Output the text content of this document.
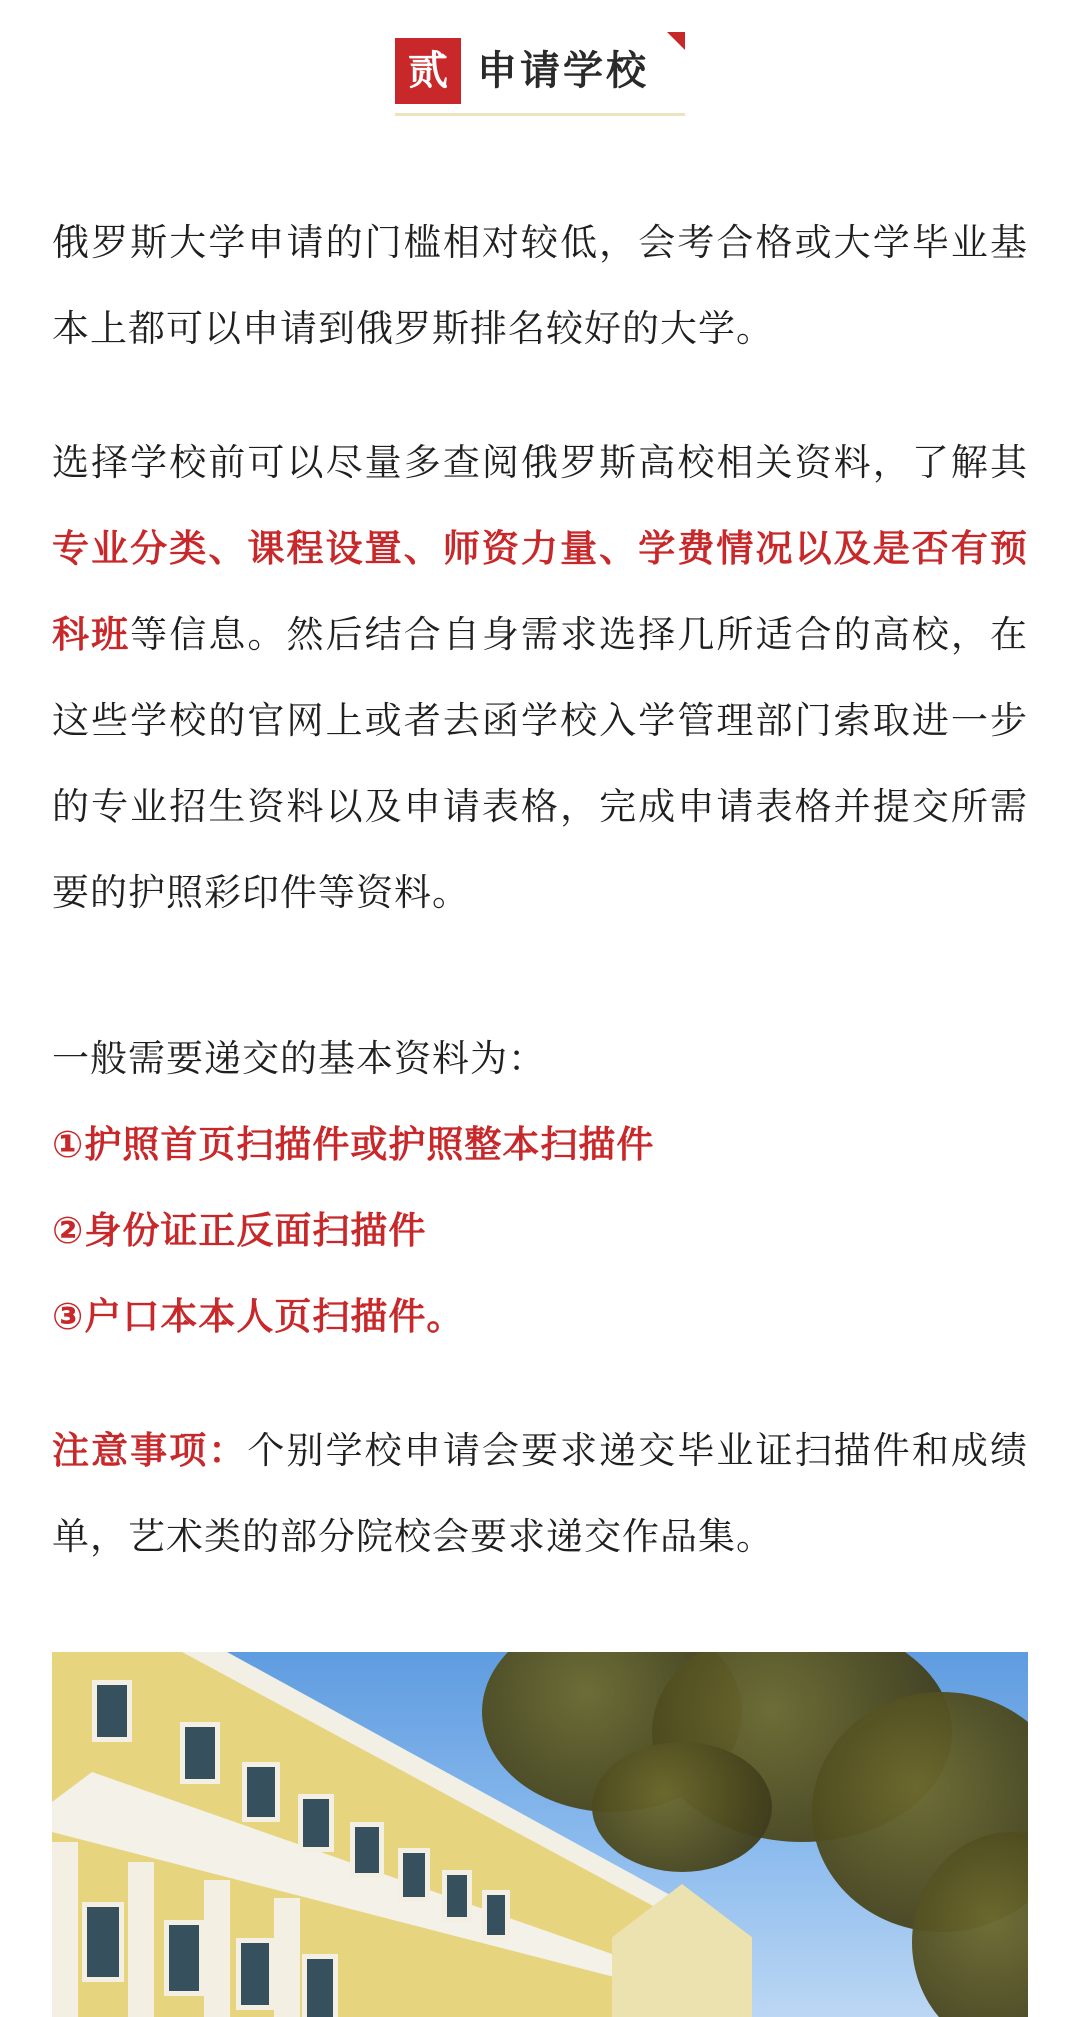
贰 申请学校

俄罗斯大学申请的门槛相对较低，会考合格或大学毕业基本上都可以申请到俄罗斯排名较好的大学。

选择学校前可以尽量多查阅俄罗斯高校相关资料，了解其专业分类、课程设置、师资力量、学费情况以及是否有预科班等信息。然后结合自身需求选择几所适合的高校，在这些学校的官网上或者去函学校入学管理部门索取进一步的专业招生资料以及申请表格，完成申请表格并提交所需要的护照彩印件等资料。

一般需要递交的基本资料为：

①护照首页扫描件或护照整本扫描件

②身份证正反面扫描件

③户口本本人页扫描件。

注意事项：个别学校申请会要求递交毕业证扫描件和成绩单，艺术类的部分院校会要求递交作品集。
